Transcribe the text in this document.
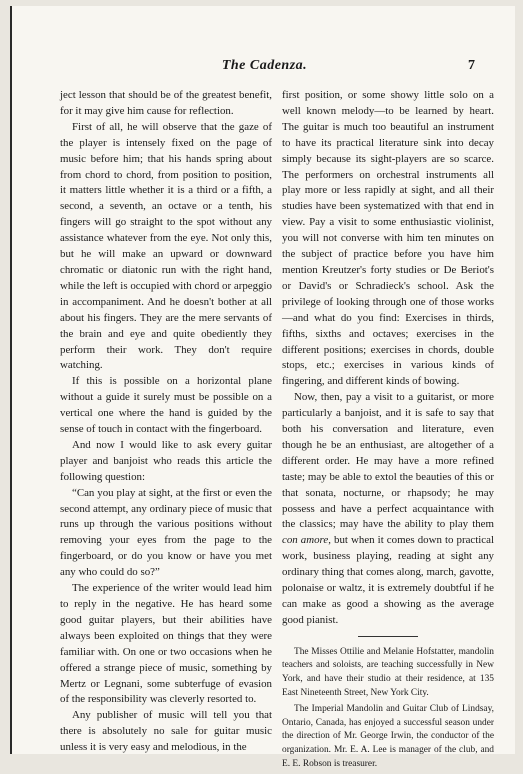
The Cadenza.	7

ject lesson that should be of the greatest benefit, for it may give him cause for reflection.

First of all, he will observe that the gaze of the player is intensely fixed on the page of music before him; that his hands spring about from chord to chord, from position to position, it matters little whether it is a third or a fifth, a second, a seventh, an octave or a tenth, his fingers will go straight to the spot without any assistance whatever from the eye. Not only this, but he will make an upward or downward chromatic or diatonic run with the right hand, while the left is occupied with chord or arpeggio in accompaniment. And he doesn't bother at all about his fingers. They are the mere servants of the brain and eye and quite obediently they perform their work. They don't require watching.

If this is possible on a horizontal plane without a guide it surely must be possible on a vertical one where the hand is guided by the sense of touch in contact with the fingerboard.

And now I would like to ask every guitar player and banjoist who reads this article the following question:

“Can you play at sight, at the first or even the second attempt, any ordinary piece of music that runs up through the various positions without removing your eyes from the page to the fingerboard, or do you know or have you met any who could do so?”

The experience of the writer would lead him to reply in the negative. He has heard some good guitar players, but their abilities have always been exploited on things that they were familiar with. On one or two occasions when he offered a strange piece of music, something by Mertz or Legnani, some subterfuge of evasion of the responsibility was cleverly resorted to.

Any publisher of music will tell you that there is absolutely no sale for guitar music unless it is very easy and melodious, in the

first position, or some showy little solo on a well known melody—to be learned by heart. The guitar is much too beautiful an instrument to have its practical literature sink into decay simply because its sight-players are so scarce. The performers on orchestral instruments all play more or less rapidly at sight, and all their studies have been systematized with that end in view. Pay a visit to some enthusiastic violinist, you will not converse with him ten minutes on the subject of practice before you have him mention Kreutzer's forty studies or De Beriot's or David's or Schradieck's school. Ask the privilege of looking through one of those works—and what do you find: Exercises in thirds, fifths, sixths and octaves; exercises in the different positions; exercises in chords, double stops, etc.; exercises in various kinds of fingering, and different kinds of bowing.

Now, then, pay a visit to a guitarist, or more particularly a banjoist, and it is safe to say that both his conversation and literature, even though he be an enthusiast, are altogether of a different order. He may have a more refined taste; may be able to extol the beauties of this or that sonata, nocturne, or rhapsody; he may possess and have a perfect acquaintance with the classics; may have the ability to play them con amore, but when it comes down to practical work, business playing, reading at sight any ordinary thing that comes along, march, gavotte, polonaise or waltz, it is extremely doubtful if he can make as good a showing as the average good pianist.

The Misses Ottilie and Melanie Hofstatter, mandolin teachers and soloists, are teaching successfully in New York, and have their studio at their residence, at 135 East Nineteenth Street, New York City.

The Imperial Mandolin and Guitar Club of Lindsay, Ontario, Canada, has enjoyed a successful season under the direction of Mr. George Irwin, the conductor of the organization. Mr. E. A. Lee is manager of the club, and E. E. Robson is treasurer.
